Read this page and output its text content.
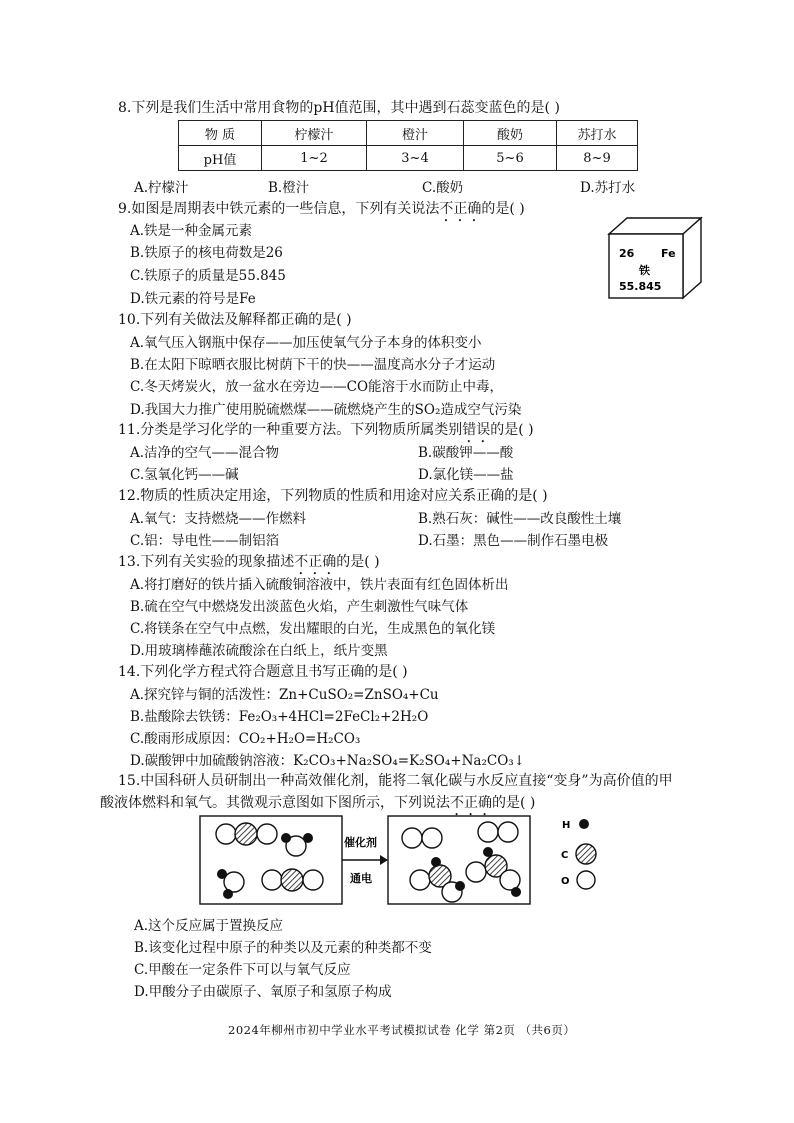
8.下列是我们生活中常用食物的pH值范围，其中遇到石蕊变蓝色的是( )
物 质	柠檬汁	橙汁	酸奶	苏打水
pH值	1~2	3~4	5~6	8~9
A.柠檬汁	B.橙汁	C.酸奶	D.苏打水
9.如图是周期表中铁元素的一些信息，下列有关说法不正确的是( )
A.铁是一种金属元素
B.铁原子的核电荷数是26
C.铁原子的质量是55.845
D.铁元素的符号是Fe
26 Fe
铁
55.845
10.下列有关做法及解释都正确的是( )
A.氧气压入钢瓶中保存——加压使氧气分子本身的体积变小
B.在太阳下晾晒衣服比树荫下干的快——温度高水分子才运动
C.冬天烤炭火，放一盆水在旁边——CO能溶于水而防止中毒，
D.我国大力推广使用脱硫燃煤——硫燃烧产生的SO₂造成空气污染
11.分类是学习化学的一种重要方法。下列物质所属类别错误的是( )
A.洁净的空气——混合物	B.碳酸钾——酸
C.氢氧化钙——碱	D.氯化镁——盐
12.物质的性质决定用途，下列物质的性质和用途对应关系正确的是( )
A.氧气：支持燃烧——作燃料	B.熟石灰：碱性——改良酸性土壤
C.铝：导电性——制铝箔	D.石墨：黑色——制作石墨电极
13.下列有关实验的现象描述不正确的是( )
A.将打磨好的铁片插入硫酸铜溶液中，铁片表面有红色固体析出
B.硫在空气中燃烧发出淡蓝色火焰，产生刺激性气味气体
C.将镁条在空气中点燃，发出耀眼的白光，生成黑色的氧化镁
D.用玻璃棒蘸浓硫酸涂在白纸上，纸片变黑
14.下列化学方程式符合题意且书写正确的是( )
A.探究锌与铜的活泼性：Zn+CuSO₂=ZnSO₄+Cu
B.盐酸除去铁锈：Fe₂O₃+4HCl=2FeCl₂+2H₂O
C.酸雨形成原因：CO₂+H₂O=H₂CO₃
D.碳酸钾中加硫酸钠溶液：K₂CO₃+Na₂SO₄=K₂SO₄+Na₂CO₃↓
15.中国科研人员研制出一种高效催化剂，能将二氧化碳与水反应直接“变身”为高价值的甲
酸液体燃料和氧气。其微观示意图如下图所示，下列说法不正确的是( )
催化剂
通电
H
C
O
A.这个反应属于置换反应
B.该变化过程中原子的种类以及元素的种类都不变
C.甲酸在一定条件下可以与氧气反应
D.甲酸分子由碳原子、氧原子和氢原子构成
2024年柳州市初中学业水平考试模拟试卷 化学 第2页 （共6页）
